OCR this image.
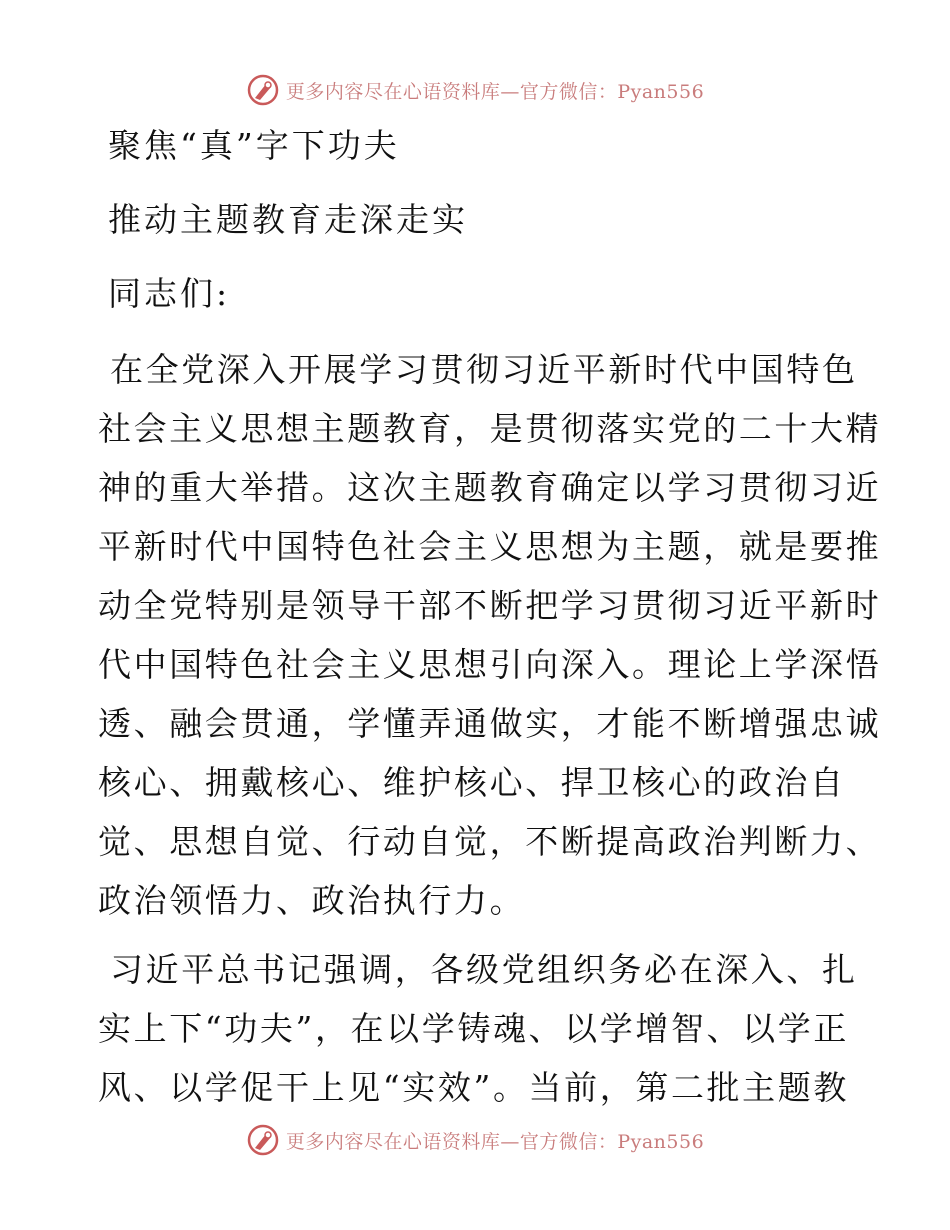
更多内容尽在心语资料库—官方微信：Pyan556
聚焦“真”字下功夫
推动主题教育走深走实
同志们:
在全党深入开展学习贯彻习近平新时代中国特色
社会主义思想主题教育，是贯彻落实党的二十大精
神的重大举措。这次主题教育确定以学习贯彻习近
平新时代中国特色社会主义思想为主题，就是要推
动全党特别是领导干部不断把学习贯彻习近平新时
代中国特色社会主义思想引向深入。理论上学深悟
透、融会贯通，学懂弄通做实，才能不断增强忠诚
核心、拥戴核心、维护核心、捍卫核心的政治自
觉、思想自觉、行动自觉，不断提高政治判断力、
政治领悟力、政治执行力。
习近平总书记强调，各级党组织务必在深入、扎
实上下“功夫”，在以学铸魂、以学增智、以学正
风、以学促干上见“实效”。当前，第二批主题教
更多内容尽在心语资料库—官方微信：Pyan556
